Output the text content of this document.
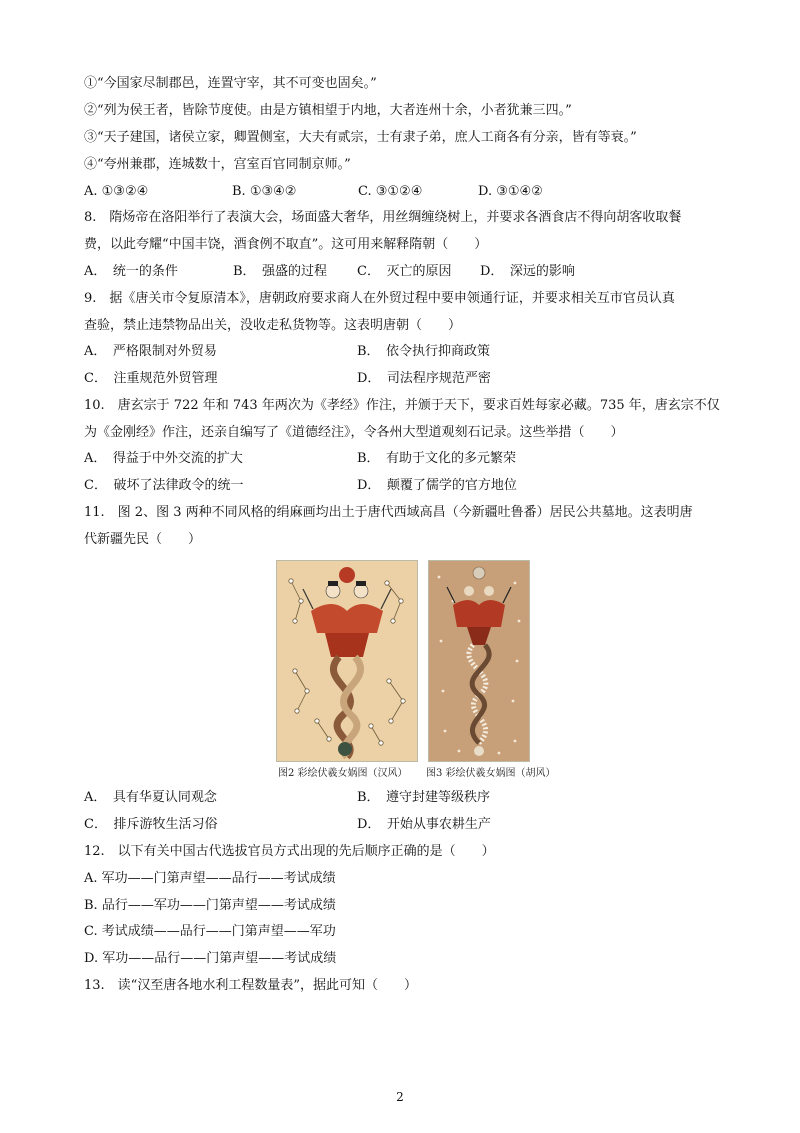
①“今国家尽制郡邑，连置守宰，其不可变也固矣。”
②“列为侯王者，皆除节度使。由是方镇相望于内地，大者连州十余，小者犹兼三四。”
③“天子建国，诸侯立家，卿置侧室，大夫有贰宗，士有隶子弟，庶人工商各有分亲，皆有等衰。”
④“夸州兼郡，连城数十，宫室百官同制京师。”
A. ①③②④	B. ①③④②	C. ③①②④	D. ③①④②
8.　隋炀帝在洛阳举行了表演大会，场面盛大奢华，用丝绸缠绕树上，并要求各酒食店不得向胡客收取餐
费，以此夸耀“中国丰饶，酒食例不取直”。这可用来解释隋朝（　　）
A．　统一的条件	B．　强盛的过程 C．　灭亡的原因 D．　深远的影响
9.　据《唐关市令复原清本》，唐朝政府要求商人在外贸过程中要申领通行证，并要求相关互市官员认真
查验，禁止违禁物品出关，没收走私货物等。这表明唐朝（　　）
A．　严格限制对外贸易	B．　依令执行抑商政策
C．　注重规范外贸管理	D．　司法程序规范严密
10.　唐玄宗于 722 年和 743 年两次为《孝经》作注，并颁于天下，要求百姓每家必藏。735 年，唐玄宗不仅
为《金刚经》作注，还亲自编写了《道德经注》，令各州大型道观刻石记录。这些举措（　　）
A．　得益于中外交流的扩大	B．　有助于文化的多元繁荣
C．　破坏了法律政令的统一	D．　颠覆了儒学的官方地位
11.　图 2、图 3 两种不同风格的绢麻画均出土于唐代西域高昌（今新疆吐鲁番）居民公共墓地。这表明唐
代新疆先民（　　）
图2 彩绘伏羲女娲图（汉风） 图3 彩绘伏羲女娲图（胡风）
A．　具有华夏认同观念	B．　遵守封建等级秩序
C．　排斥游牧生活习俗	D．　开始从事农耕生产
12.　以下有关中国古代选拔官员方式出现的先后顺序正确的是（　　）
A. 军功——门第声望——品行——考试成绩
B. 品行——军功——门第声望——考试成绩
C. 考试成绩——品行——门第声望——军功
D. 军功——品行——门第声望——考试成绩
13.　读“汉至唐各地水利工程数量表”，据此可知（　　）
2
